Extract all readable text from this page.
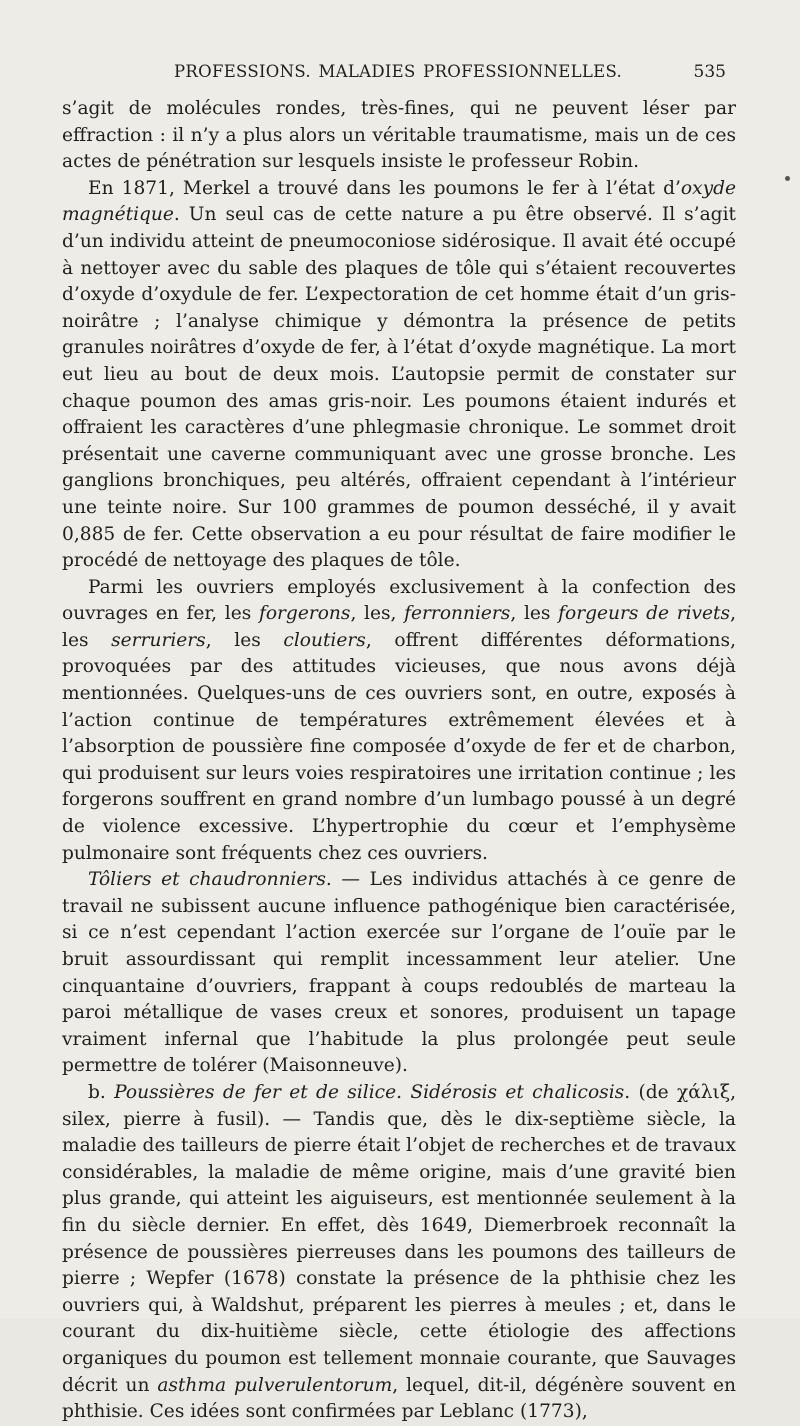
PROFESSIONS. MALADIES PROFESSIONNELLES.	535

s’agit de molécules rondes, très-fines, qui ne peuvent léser par effraction : il n’y a plus alors un véritable traumatisme, mais un de ces actes de pénétration sur lesquels insiste le professeur Robin.

En 1871, Merkel a trouvé dans les poumons le fer à l’état d’oxyde magnétique. Un seul cas de cette nature a pu être observé. Il s’agit d’un individu atteint de pneumoconiose sidérosique. Il avait été occupé à nettoyer avec du sable des plaques de tôle qui s’étaient recouvertes d’oxyde d’oxydule de fer. L’expectoration de cet homme était d’un gris-noirâtre ; l’analyse chimique y démontra la présence de petits granules noirâtres d’oxyde de fer, à l’état d’oxyde magnétique. La mort eut lieu au bout de deux mois. L’autopsie permit de constater sur chaque poumon des amas gris-noir. Les poumons étaient indurés et offraient les caractères d’une phlegmasie chronique. Le sommet droit présentait une caverne communiquant avec une grosse bronche. Les ganglions bronchiques, peu altérés, offraient cependant à l’intérieur une teinte noire. Sur 100 grammes de poumon desséché, il y avait 0,885 de fer. Cette observation a eu pour résultat de faire modifier le procédé de nettoyage des plaques de tôle.

Parmi les ouvriers employés exclusivement à la confection des ouvrages en fer, les forgerons, les, ferronniers, les forgeurs de rivets, les serruriers, les cloutiers, offrent différentes déformations, provoquées par des attitudes vicieuses, que nous avons déjà mentionnées. Quelques-uns de ces ouvriers sont, en outre, exposés à l’action continue de températures extrêmement élevées et à l’absorption de poussière fine composée d’oxyde de fer et de charbon, qui produisent sur leurs voies respiratoires une irritation continue ; les forgerons souffrent en grand nombre d’un lumbago poussé à un degré de violence excessive. L’hypertrophie du cœur et l’emphysème pulmonaire sont fréquents chez ces ouvriers.

Tôliers et chaudronniers. — Les individus attachés à ce genre de travail ne subissent aucune influence pathogénique bien caractérisée, si ce n’est cependant l’action exercée sur l’organe de l’ouïe par le bruit assourdissant qui remplit incessamment leur atelier. Une cinquantaine d’ouvriers, frappant à coups redoublés de marteau la paroi métallique de vases creux et sonores, produisent un tapage vraiment infernal que l’habitude la plus prolongée peut seule permettre de tolérer (Maisonneuve).

b. Poussières de fer et de silice. Sidérosis et chalicosis. (de χάλιξ, silex, pierre à fusil). — Tandis que, dès le dix-septième siècle, la maladie des tailleurs de pierre était l’objet de recherches et de travaux considérables, la maladie de même origine, mais d’une gravité bien plus grande, qui atteint les aiguiseurs, est mentionnée seulement à la fin du siècle dernier. En effet, dès 1649, Diemerbroek reconnaît la présence de poussières pierreuses dans les poumons des tailleurs de pierre ; Wepfer (1678) constate la présence de la phthisie chez les ouvriers qui, à Waldshut, préparent les pierres à meules ; et, dans le courant du dix-huitième siècle, cette étiologie des affections organiques du poumon est tellement monnaie courante, que Sauvages décrit un asthma pulverulentorum, lequel, dit-il, dégénère souvent en phthisie. Ces idées sont confirmées par Leblanc (1773),
